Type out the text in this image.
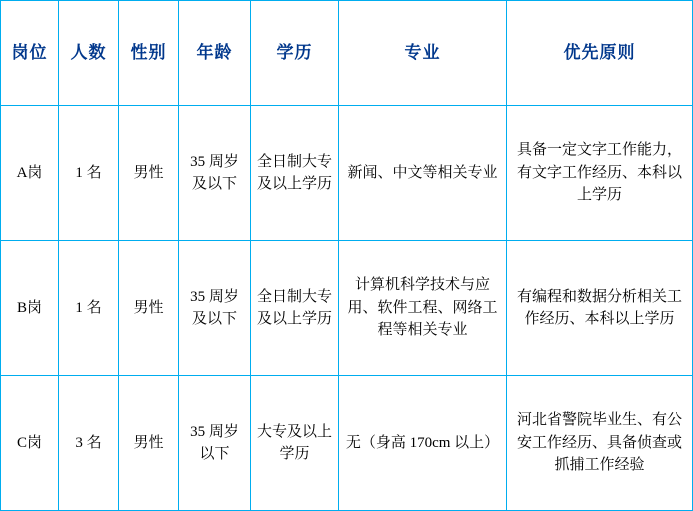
岗位	人数	性别	年龄	学历	专业	优先原则

A岗	1 名	男性	35 周岁及以下	全日制大专及以上学历	新闻、中文等相关专业	具备一定文字工作能力，有文字工作经历、本科以上学历
B岗	1 名	男性	35 周岁及以下	全日制大专及以上学历	计算机科学技术与应用、软件工程、网络工程等相关专业	有编程和数据分析相关工作经历、本科以上学历
C岗	3 名	男性	35 周岁以下	大专及以上学历	无（身高 170cm 以上）	河北省警院毕业生、有公安工作经历、具备侦查或抓捕工作经验
